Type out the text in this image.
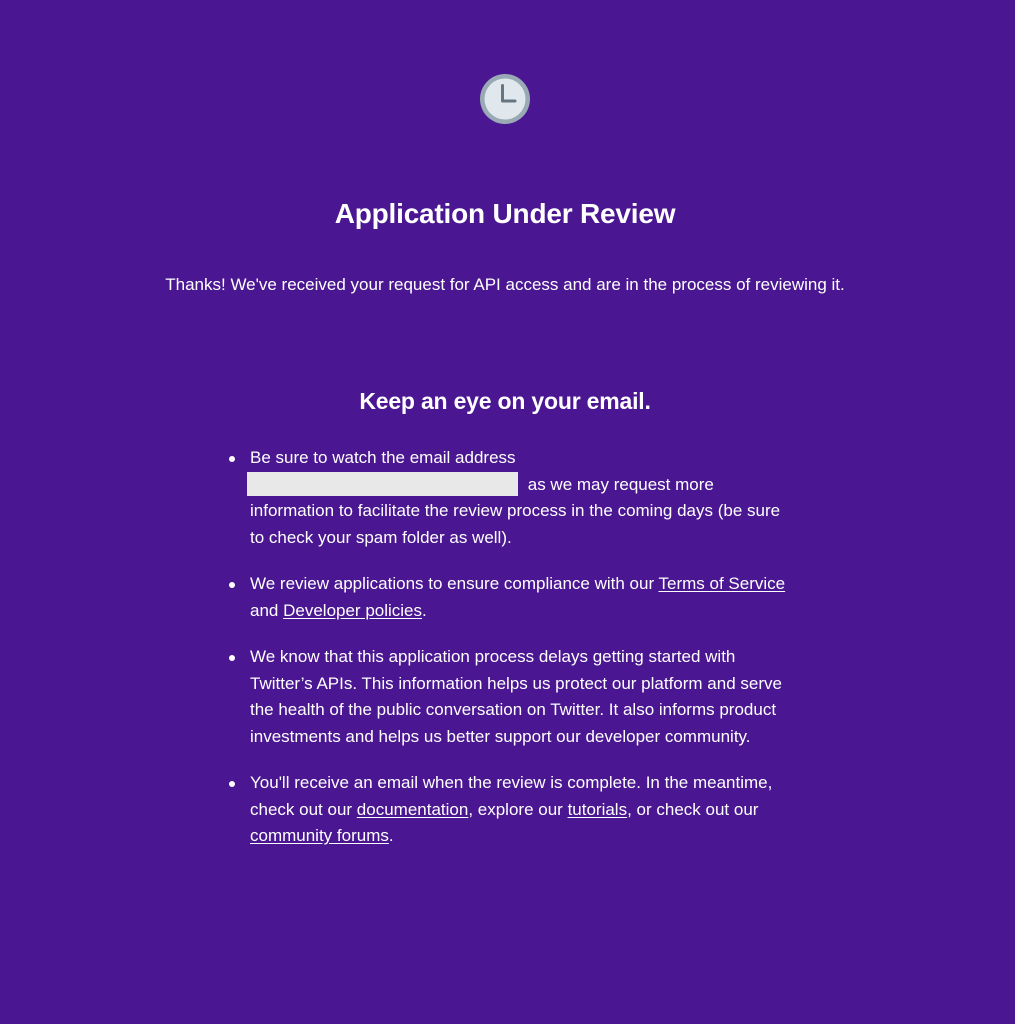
Application Under Review

Thanks! We've received your request for API access and are in the process of reviewing it.

Keep an eye on your email.
Be sure to watch the email address
as we may request more information to facilitate the review process in the coming days (be sure to check your spam folder as well).
We review applications to ensure compliance with our Terms of Service and Developer policies.
We know that this application process delays getting started with Twitter’s APIs. This information helps us protect our platform and serve the health of the public conversation on Twitter. It also informs product investments and helps us better support our developer community.
You'll receive an email when the review is complete. In the meantime, check out our documentation, explore our tutorials, or check out our community forums.
